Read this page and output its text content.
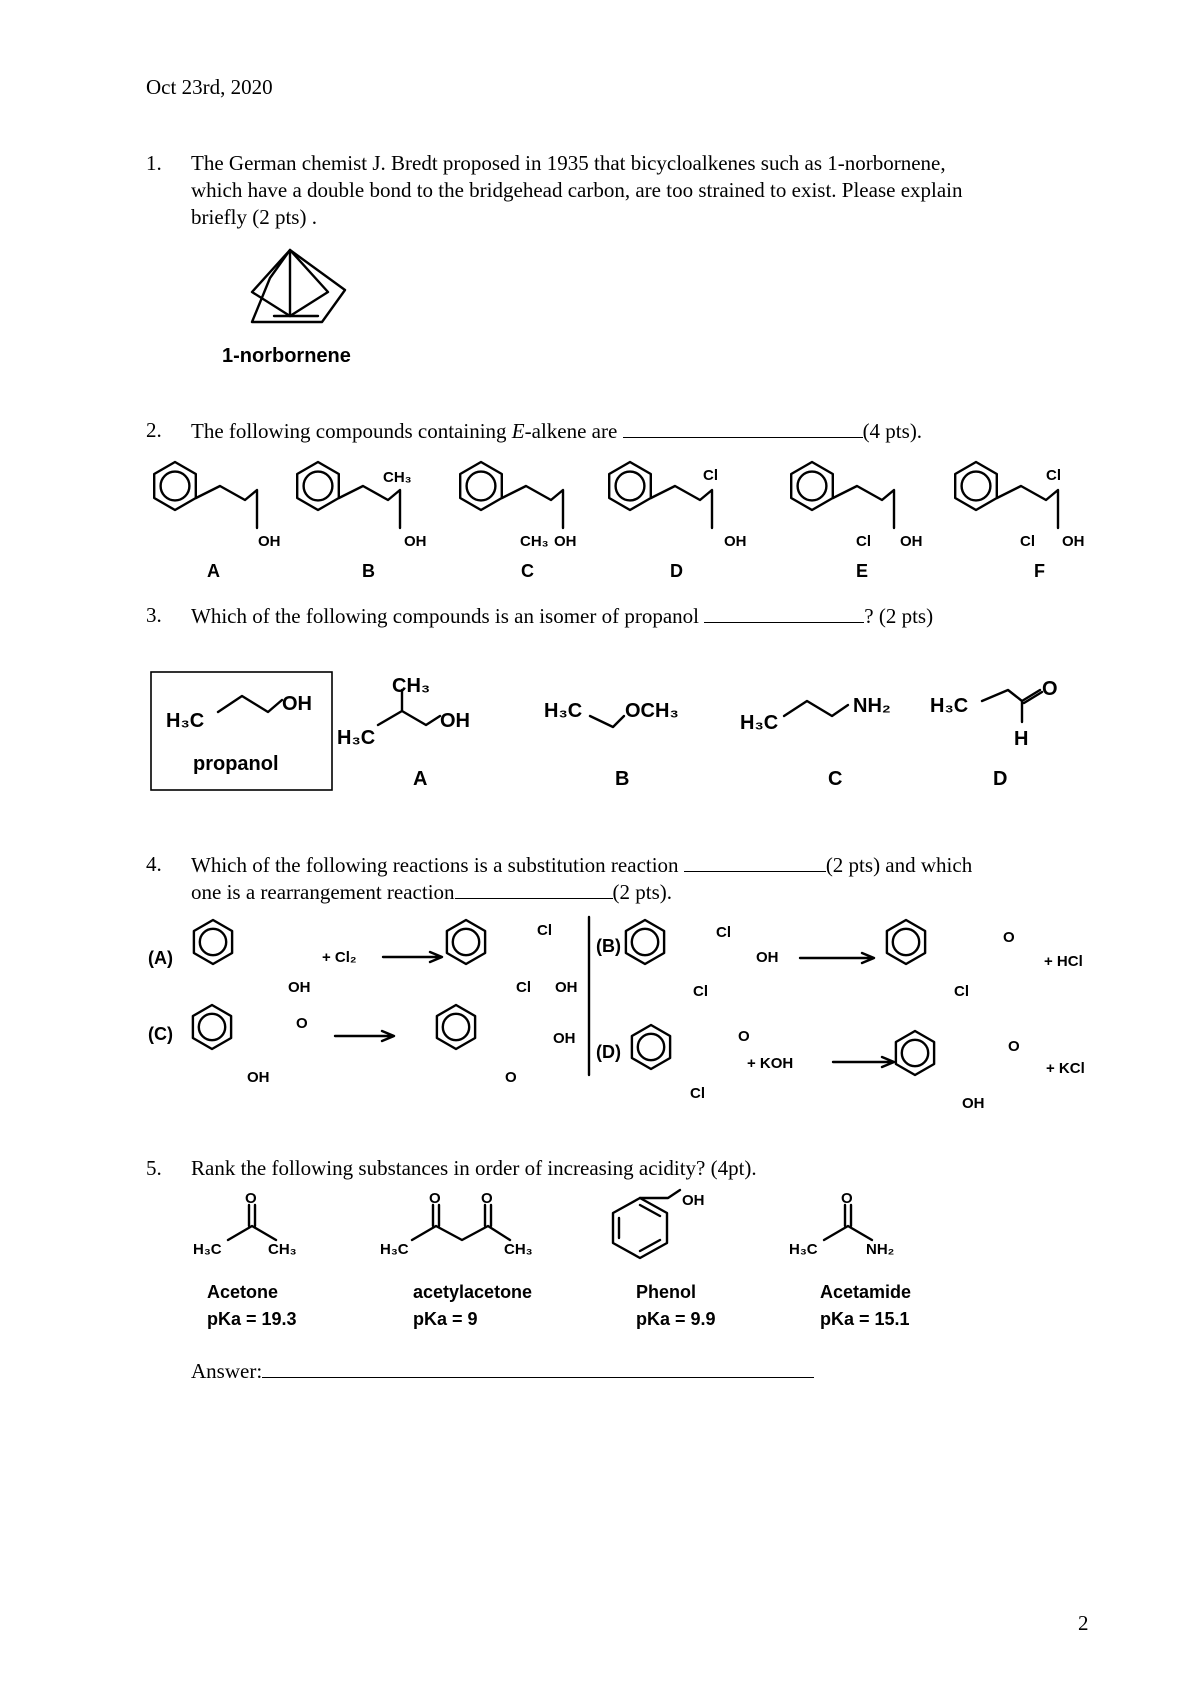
Oct 23rd, 2020
1. The German chemist J. Bredt proposed in 1935 that bicycloalkenes such as 1-norbornene,
which have a double bond to the bridgehead carbon, are too strained to exist. Please explain
briefly (2 pts) .
2. The following compounds containing E-alkene are	(4 pts).
3. Which of the following compounds is an isomer of propanol	? (2 pts)
4. Which of the following reactions is a substitution reaction	(2 pts) and which
one is a rearrangement reaction	(2 pts).
5. Rank the following substances in order of increasing acidity? (4pt).
Answer:
2
1-norbornene
A	B	C	D	E	F
OH
CH₃
OH	CH₃ OH
Cl
OH	Cl OH
Cl
Cl OH
H₃C
OH
propanol
CH₃
H₃C
OH	H₃C OCH₃
H₃C
NH₂ H₃C
O
H
A	B	C	D
(A)
(B)
(C)
(D)
+ Cl₂	+ HCl
+ KOH	+ KCl
OH
Cl
Cl OH
Cl
Cl
OH
O
Cl
O
OH
OH
O
O
Cl
O
OH
O
H₃C	CH₃
O	O
H₃C	CH₃
OH	O
H₃C	NH₂
Acetone
pKa = 19.3
acetylacetone
pKa = 9
Phenol
pKa = 9.9
Acetamide
pKa = 15.1
